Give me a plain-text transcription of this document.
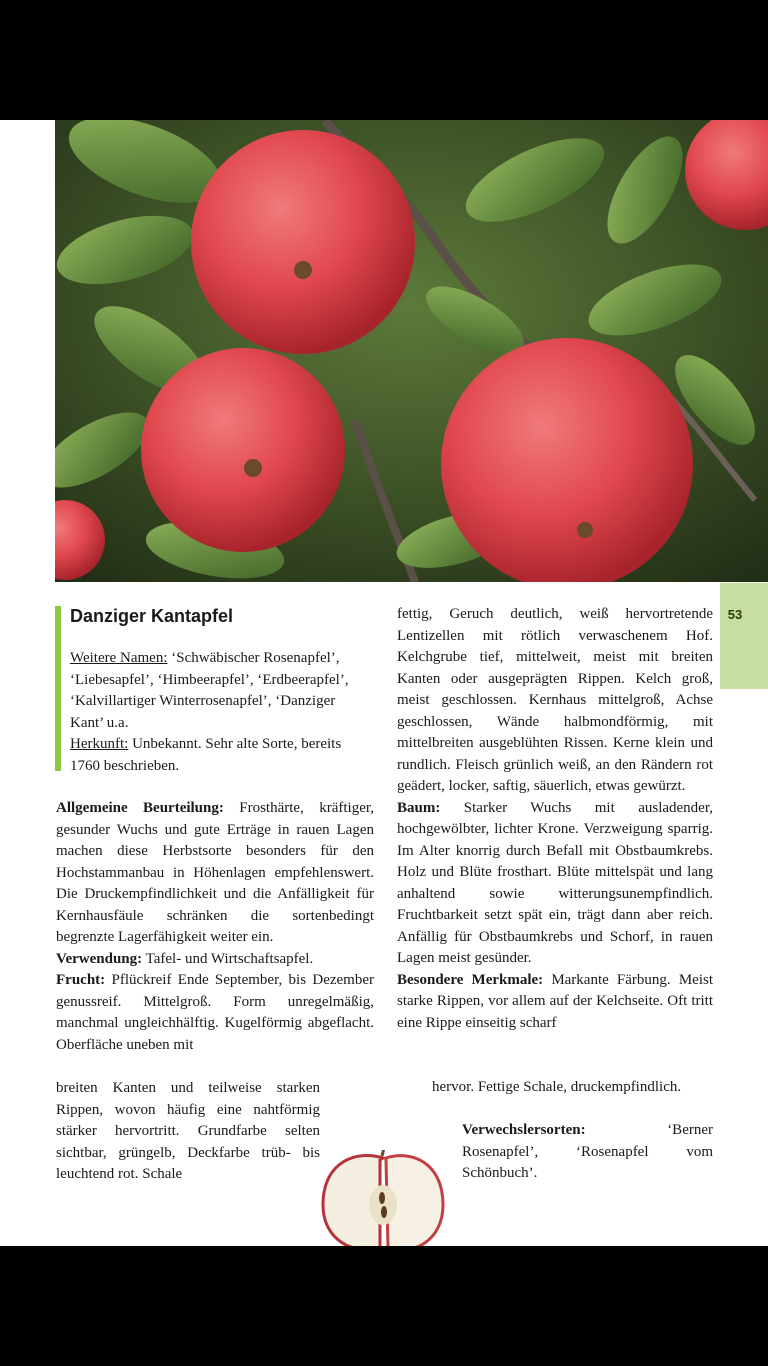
53
Danziger Kantapfel

Weitere Namen: ‘Schwäbischer Rosenapfel’, ‘Liebesapfel’, ‘Himbeerapfel’, ‘Erdbeerapfel’, ‘Kalvillartiger Winterrosenapfel’, ‘Danziger Kant’ u.a.
Herkunft: Unbekannt. Sehr alte Sorte, bereits 1760 beschrieben.

Allgemeine Beurteilung: Frosthärte, kräftiger, gesunder Wuchs und gute Erträge in rauen Lagen machen diese Herbstsorte besonders für den Hochstammanbau in Höhenlagen empfehlenswert. Die Druckempfindlichkeit und die Anfälligkeit für Kernhausfäule schränken die sortenbedingt begrenzte Lagerfähigkeit weiter ein.

Verwendung: Tafel- und Wirtschaftsapfel.

Frucht: Pflückreif Ende September, bis Dezember genussreif. Mittelgroß. Form unregelmäßig, manchmal ungleichhälftig. Kugelförmig abgeflacht. Oberfläche uneben mit

breiten Kanten und teilweise starken Rippen, wovon häufig eine nahtförmig stärker hervortritt. Grundfarbe selten sichtbar, grüngelb, Deckfarbe trüb- bis leuchtend rot. Schale

fettig, Geruch deutlich, weiß hervortretende Lentizellen mit rötlich verwaschenem Hof. Kelchgrube tief, mittelweit, meist mit breiten Kanten oder ausgeprägten Rippen. Kelch groß, meist geschlossen. Kernhaus mittelgroß, Achse geschlossen, Wände halbmondförmig, mit mittelbreiten ausgeblühten Rissen. Kerne klein und rundlich. Fleisch grünlich weiß, an den Rändern rot geädert, locker, saftig, säuerlich, etwas gewürzt.

Baum: Starker Wuchs mit ausladender, hochgewölbter, lichter Krone. Verzweigung sparrig. Im Alter knorrig durch Befall mit Obstbaumkrebs. Holz und Blüte frosthart. Blüte mittelspät und lang anhaltend sowie witterungsunempfindlich. Fruchtbarkeit setzt spät ein, trägt dann aber reich. Anfällig für Obstbaumkrebs und Schorf, in rauen Lagen meist gesünder.

Besondere Merkmale: Markante Färbung. Meist starke Rippen, vor allem auf der Kelchseite. Oft tritt eine Rippe einseitig scharf

hervor. Fettige Schale, druckempfindlich.

Verwechslersorten: ‘Berner Rosenapfel’, ‘Rosenapfel vom Schönbuch’.
